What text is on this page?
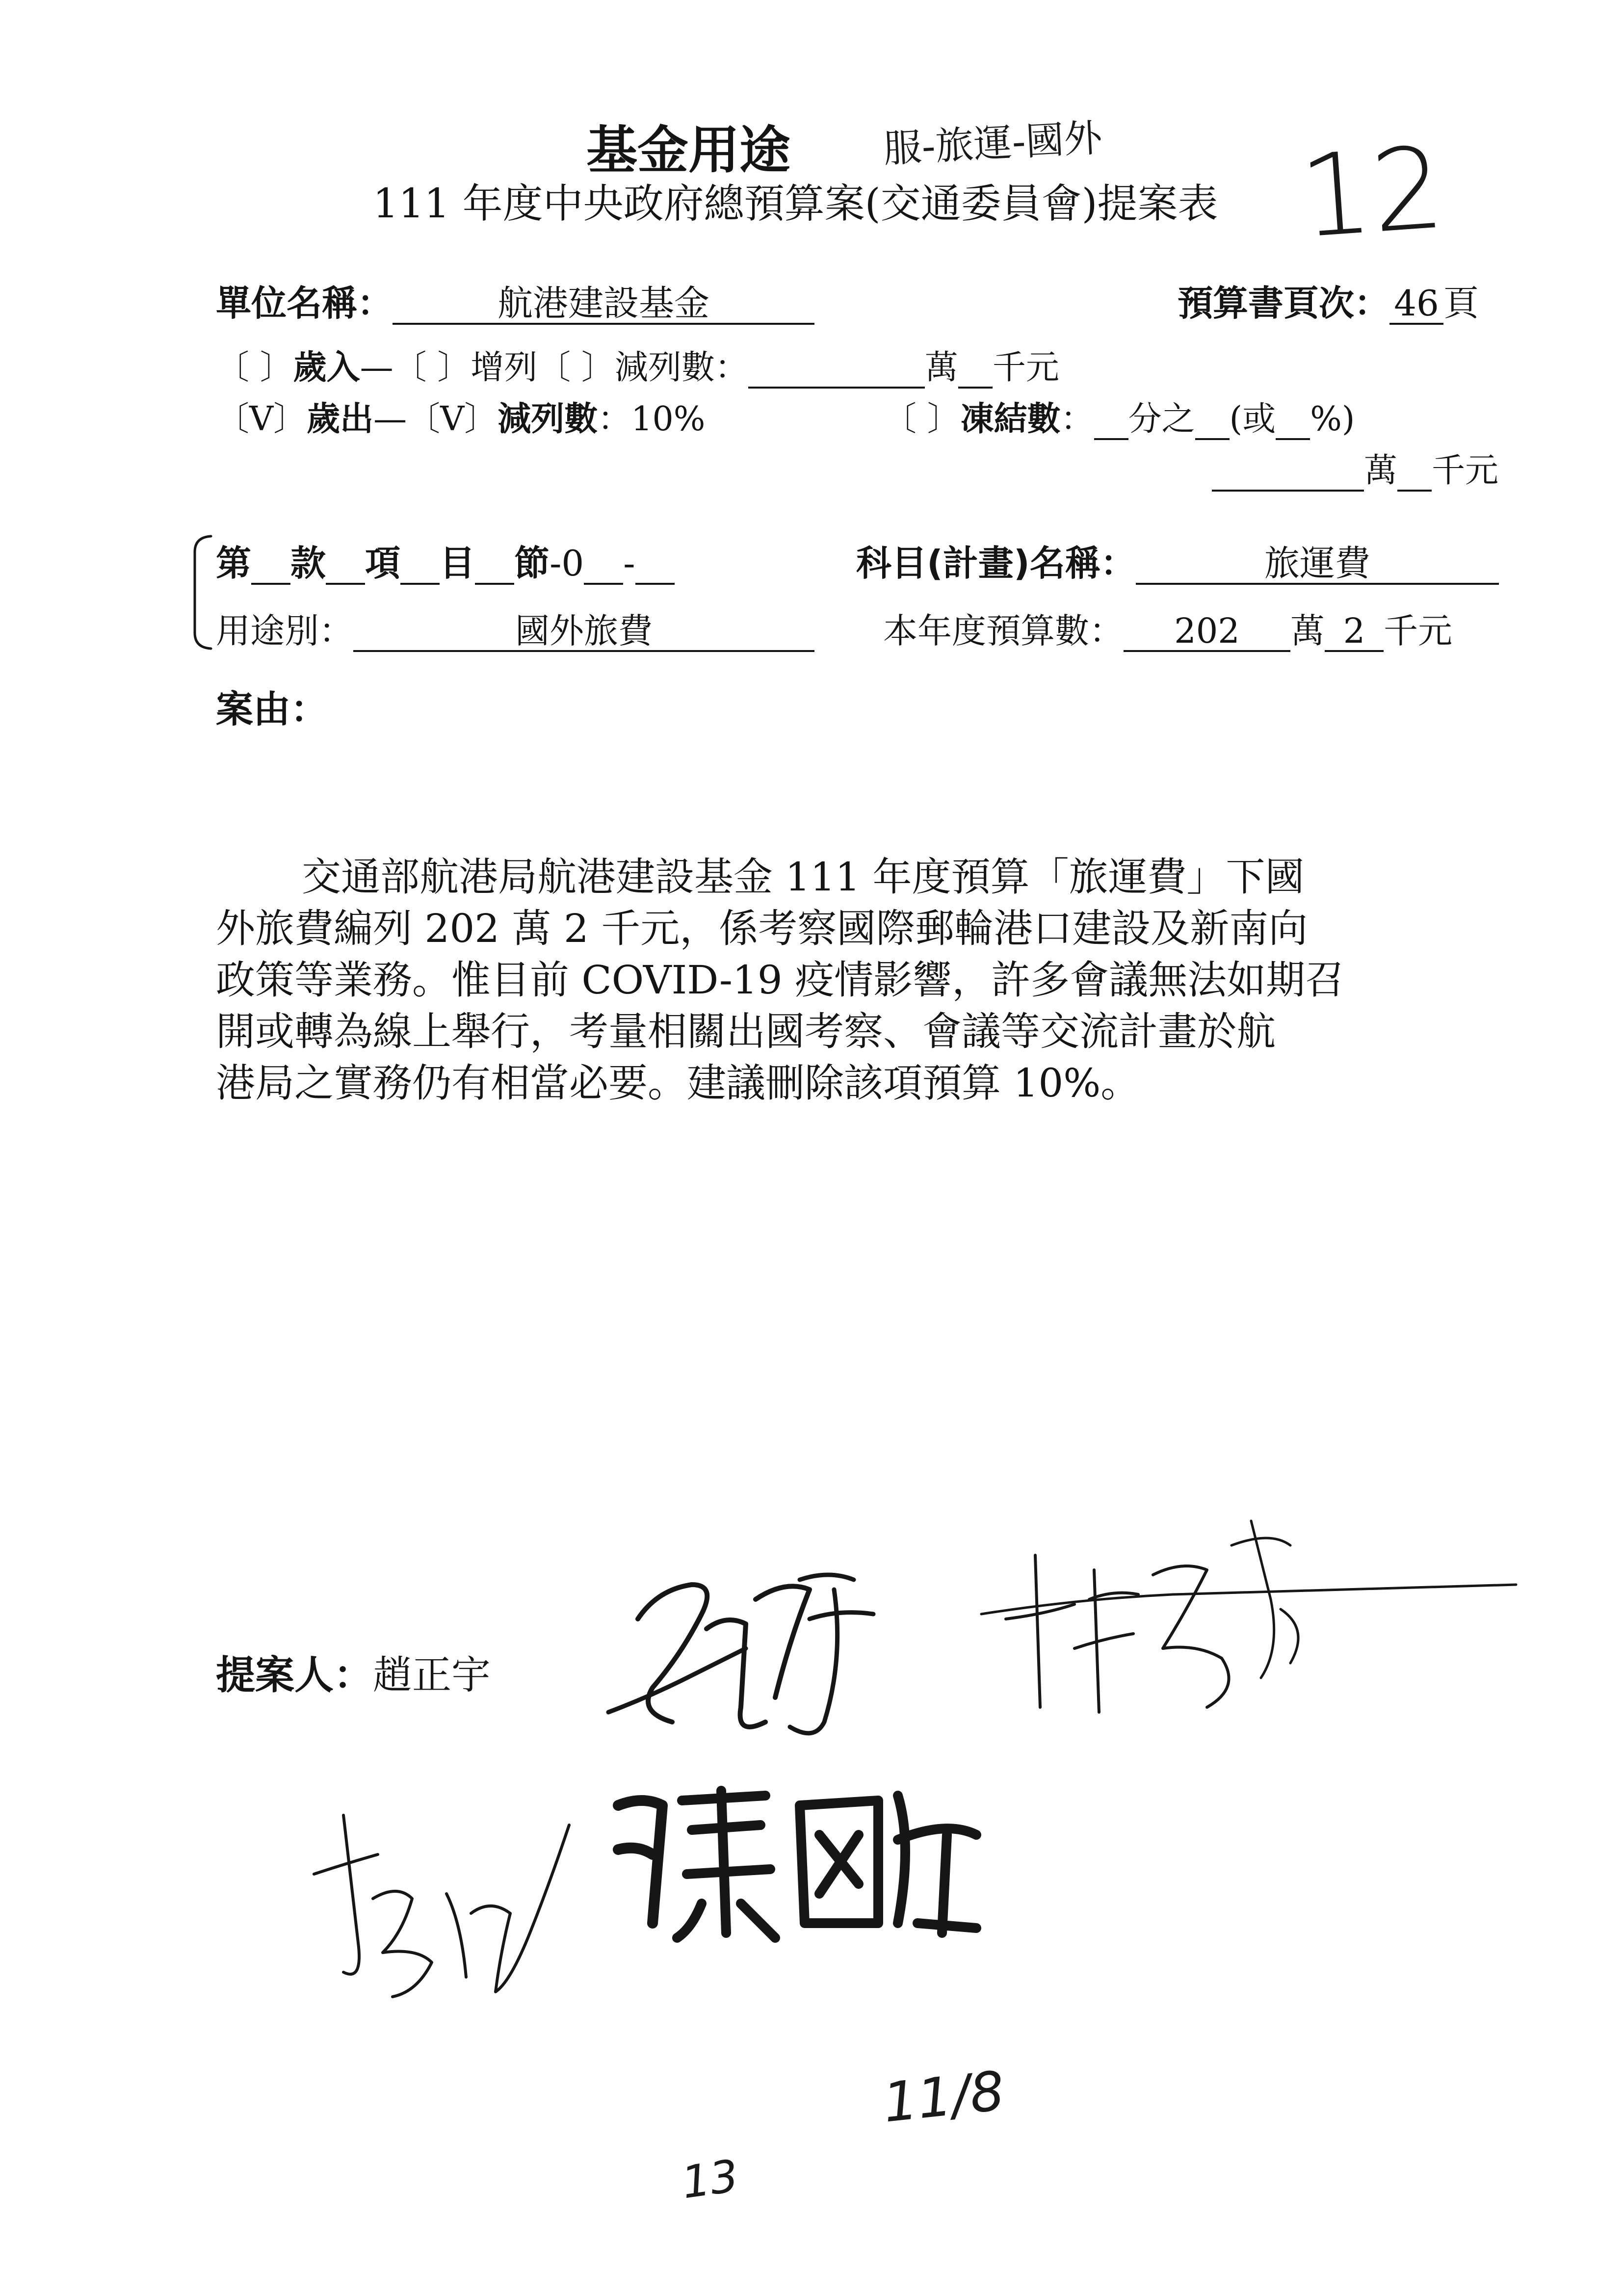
基金用途 服-旅運-國外 12
111 年度中央政府總預算案(交通委員會)提案表
單位名稱：	航港建設基金	預算書頁次： 46 頁
〔 〕歲入—〔 〕增列〔 〕減列數：	萬 千元
〔V〕歲出—〔V〕減列數：10%	〔 〕凍結數： 分之 (或 %)
萬 千元
第 款 項 目 節-0 -	科目(計畫)名稱：	旅運費
用途別：	國外旅費	本年度預算數： 202 萬 2 千元
案由：
交通部航港局航港建設基金 111 年度預算「旅運費」下國
外旅費編列 202 萬 2 千元，係考察國際郵輪港口建設及新南向
政策等業務。惟目前 COVID-19 疫情影響，許多會議無法如期召
開或轉為線上舉行，考量相關出國考察、會議等交流計畫於航
港局之實務仍有相當必要。建議刪除該項預算 10%。
提案人：趙正宇
13
11/8
